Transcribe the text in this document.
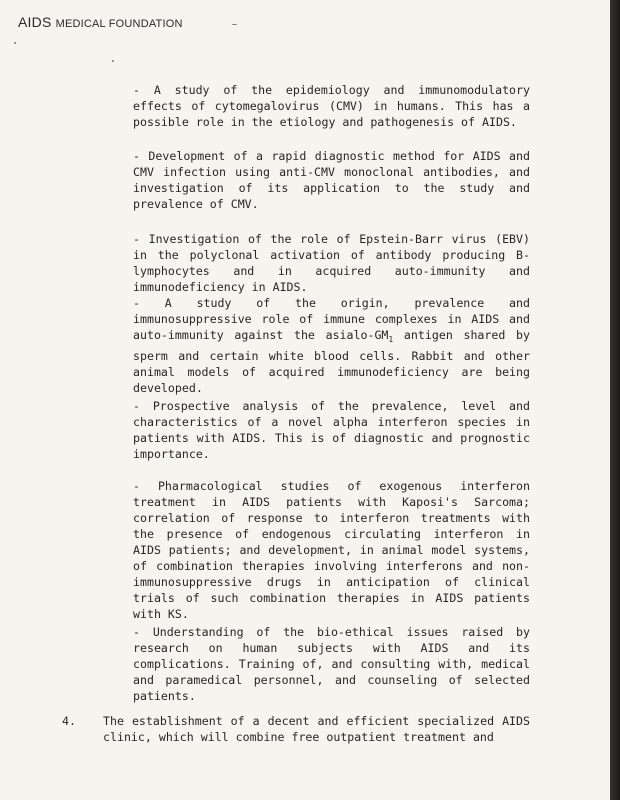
AIDS MEDICAL FOUNDATION

- A study of the epidemiology and immunomodulatory effects of cytomegalovirus (CMV) in humans. This has a possible role in the etiology and pathogenesis of AIDS.

- Development of a rapid diagnostic method for AIDS and CMV infection using anti-CMV monoclonal antibodies, and investigation of its application to the study and prevalence of CMV.

- Investigation of the role of Epstein-Barr virus (EBV) in the polyclonal activation of antibody producing B-lymphocytes and in acquired auto-immunity and immunodeficiency in AIDS.

- A study of the origin, prevalence and immunosuppressive role of immune complexes in AIDS and auto-immunity against the asialo-$GM_1$ antigen shared by sperm and certain white blood cells. Rabbit and other animal models of acquired immunodeficiency are being developed.

- Prospective analysis of the prevalence, level and characteristics of a novel alpha interferon species in patients with AIDS. This is of diagnostic and prognostic importance.

- Pharmacological studies of exogenous interferon treatment in AIDS patients with Kaposi's Sarcoma; correlation of response to interferon treatments with the presence of endogenous circulating interferon in AIDS patients; and development, in animal model systems, of combination therapies involving interferons and non-immunosuppressive drugs in anticipation of clinical trials of such combination therapies in AIDS patients with KS.

- Understanding of the bio-ethical issues raised by research on human subjects with AIDS and its complications. Training of, and consulting with, medical and paramedical personnel, and counseling of selected patients.

4. The establishment of a decent and efficient specialized AIDS clinic, which will combine free outpatient treatment and
